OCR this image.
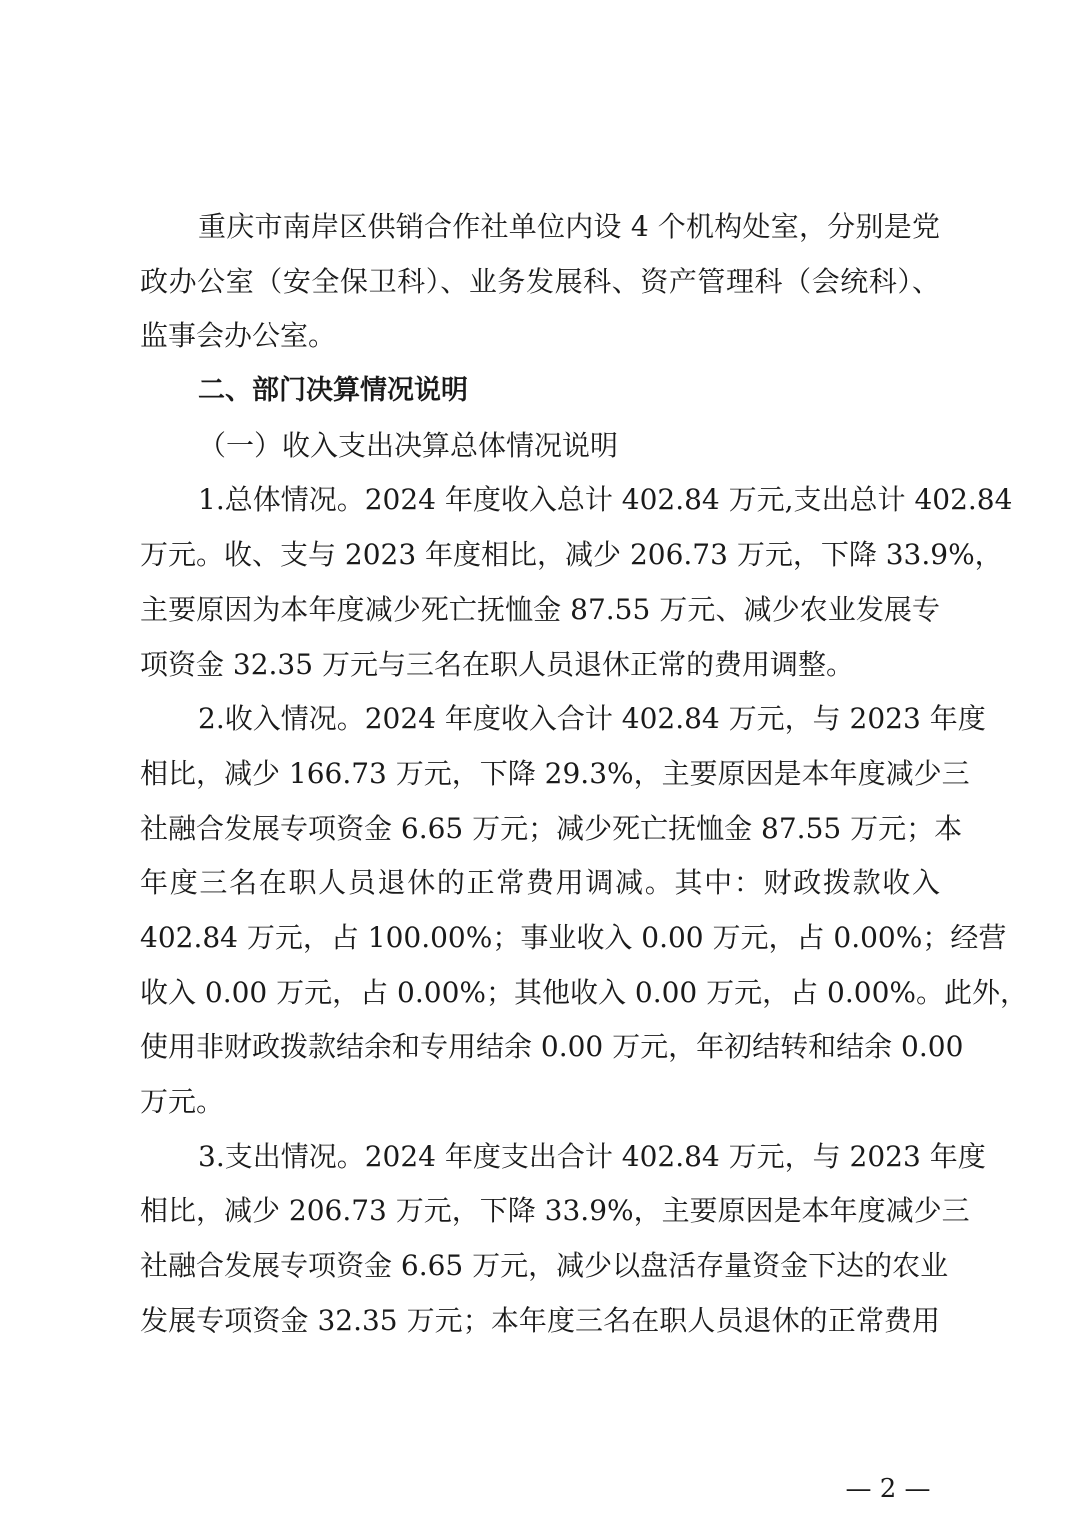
重庆市南岸区供销合作社单位内设 4 个机构处室，分别是党
政办公室（安全保卫科）、业务发展科、资产管理科（会统科）、
监事会办公室。
二、部门决算情况说明
（一）收入支出决算总体情况说明
1.总体情况。2024 年度收入总计 402.84 万元,支出总计 402.84
万元。收、支与 2023 年度相比，减少 206.73 万元，下降 33.9%，
主要原因为本年度减少死亡抚恤金 87.55 万元、减少农业发展专
项资金 32.35 万元与三名在职人员退休正常的费用调整。
2.收入情况。2024 年度收入合计 402.84 万元，与 2023 年度
相比，减少 166.73 万元，下降 29.3%，主要原因是本年度减少三
社融合发展专项资金 6.65 万元；减少死亡抚恤金 87.55 万元；本
年度三名在职人员退休的正常费用调减。其中：财政拨款收入
402.84 万元，占 100.00%；事业收入 0.00 万元，占 0.00%；经营
收入 0.00 万元，占 0.00%；其他收入 0.00 万元，占 0.00%。此外，
使用非财政拨款结余和专用结余 0.00 万元，年初结转和结余 0.00
万元。
3.支出情况。2024 年度支出合计 402.84 万元，与 2023 年度
相比，减少 206.73 万元，下降 33.9%，主要原因是本年度减少三
社融合发展专项资金 6.65 万元，减少以盘活存量资金下达的农业
发展专项资金 32.35 万元；本年度三名在职人员退休的正常费用
— 2 —
